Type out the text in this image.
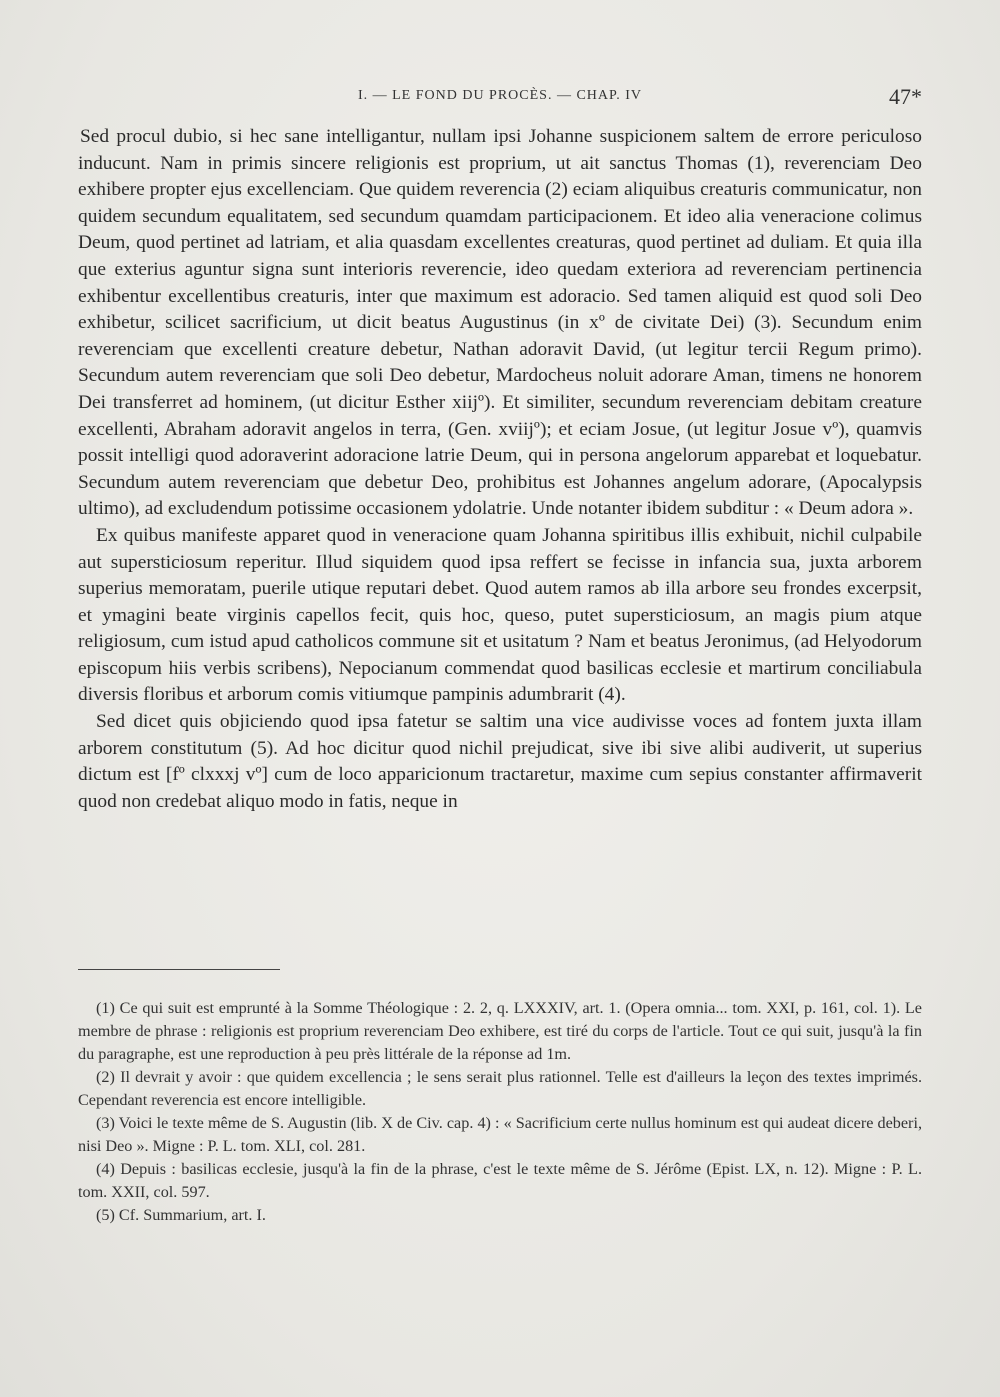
I. — LE FOND DU PROCÈS. — CHAP. IV	47*

Sed procul dubio, si hec sane intelligantur, nullam ipsi Johanne suspicionem saltem de errore periculoso inducunt. Nam in primis sincere religionis est proprium, ut ait sanctus Thomas (1), reverenciam Deo exhibere propter ejus excellenciam. Que quidem reverencia (2) eciam aliquibus creaturis communicatur, non quidem secundum equalitatem, sed secundum quamdam participacionem. Et ideo alia veneracione colimus Deum, quod pertinet ad latriam, et alia quasdam excellentes creaturas, quod pertinet ad duliam. Et quia illa que exterius aguntur signa sunt interioris reverencie, ideo quedam exteriora ad reverenciam pertinencia exhibentur excellentibus creaturis, inter que maximum est adoracio. Sed tamen aliquid est quod soli Deo exhibetur, scilicet sacrificium, ut dicit beatus Augustinus (in xº de civitate Dei) (3). Secundum enim reverenciam que excellenti creature debetur, Nathan adoravit David, (ut legitur tercii Regum primo). Secundum autem reverenciam que soli Deo debetur, Mardocheus noluit adorare Aman, timens ne honorem Dei transferret ad hominem, (ut dicitur Esther xiijº). Et similiter, secundum reverenciam debitam creature excellenti, Abraham adoravit angelos in terra, (Gen. xviijº); et eciam Josue, (ut legitur Josue vº), quamvis possit intelligi quod adoraverint adoracione latrie Deum, qui in persona angelorum apparebat et loquebatur. Secundum autem reverenciam que debetur Deo, prohibitus est Johannes angelum adorare, (Apocalypsis ultimo), ad excludendum potissime occasionem ydolatrie. Unde notanter ibidem subditur : « Deum adora ».

Ex quibus manifeste apparet quod in veneracione quam Johanna spiritibus illis exhibuit, nichil culpabile aut supersticiosum reperitur. Illud siquidem quod ipsa reffert se fecisse in infancia sua, juxta arborem superius memoratam, puerile utique reputari debet. Quod autem ramos ab illa arbore seu frondes excerpsit, et ymagini beate virginis capellos fecit, quis hoc, queso, putet supersticiosum, an magis pium atque religiosum, cum istud apud catholicos commune sit et usitatum ? Nam et beatus Jeronimus, (ad Helyodorum episcopum hiis verbis scribens), Nepocianum commendat quod basilicas ecclesie et martirum conciliabula diversis floribus et arborum comis vitiumque pampinis adumbrarit (4).

Sed dicet quis objiciendo quod ipsa fatetur se saltim una vice audivisse voces ad fontem juxta illam arborem constitutum (5). Ad hoc dicitur quod nichil prejudicat, sive ibi sive alibi audiverit, ut superius dictum est [fº clxxxj vº] cum de loco apparicionum tractaretur, maxime cum sepius constanter affirmaverit quod non credebat aliquo modo in fatis, neque in

(1) Ce qui suit est emprunté à la Somme Théologique : 2. 2, q. LXXXIV, art. 1. (Opera omnia... tom. XXI, p. 161, col. 1). Le membre de phrase : religionis est proprium reverenciam Deo exhibere, est tiré du corps de l'article. Tout ce qui suit, jusqu'à la fin du paragraphe, est une reproduction à peu près littérale de la réponse ad 1m.

(2) Il devrait y avoir : que quidem excellencia ; le sens serait plus rationnel. Telle est d'ailleurs la leçon des textes imprimés. Cependant reverencia est encore intelligible.

(3) Voici le texte même de S. Augustin (lib. X de Civ. cap. 4) : « Sacrificium certe nullus hominum est qui audeat dicere deberi, nisi Deo ». Migne : P. L. tom. XLI, col. 281.

(4) Depuis : basilicas ecclesie, jusqu'à la fin de la phrase, c'est le texte même de S. Jérôme (Epist. LX, n. 12). Migne : P. L. tom. XXII, col. 597.

(5) Cf. Summarium, art. I.
